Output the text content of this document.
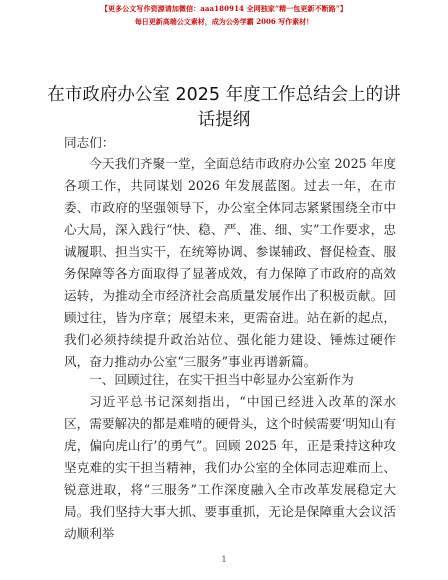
【更多公文写作资源请加微信：aaa180914 全网独家”精一包更新不断路”】
每日更新高端公文素材，成为公务学霸 2006 写作素材！
在市政府办公室 2025 年度工作总结会上的讲话提纲
同志们：
今天我们齐聚一堂，全面总结市政府办公室 2025 年度各项工作，共同谋划 2026 年发展蓝图。过去一年，在市委、市政府的坚强领导下，办公室全体同志紧紧围绕全市中心大局，深入践行“快、稳、严、准、细、实”工作要求，忠诚履职、担当实干，在统筹协调、参谋辅政、督促检查、服务保障等各方面取得了显著成效，有力保障了市政府的高效运转，为推动全市经济社会高质量发展作出了积极贡献。回顾过往，皆为序章；展望未来，更需奋进。站在新的起点，我们必须持续提升政治站位、强化能力建设、锤炼过硬作风，奋力推动办公室“三服务”事业再谱新篇。
一、回顾过往，在实干担当中彰显办公室新作为
习近平总书记深刻指出，“中国已经进入改革的深水区，需要解决的都是难啃的硬骨头，这个时候需要‘明知山有虎，偏向虎山行’的勇气”。回顾 2025 年，正是秉持这种攻坚克难的实干担当精神，我们办公室的全体同志迎难而上、锐意进取，将“三服务”工作深度融入全市改革发展稳定大局。我们坚持大事大抓、要事重抓，无论是保障重大会议活动顺利举
1
